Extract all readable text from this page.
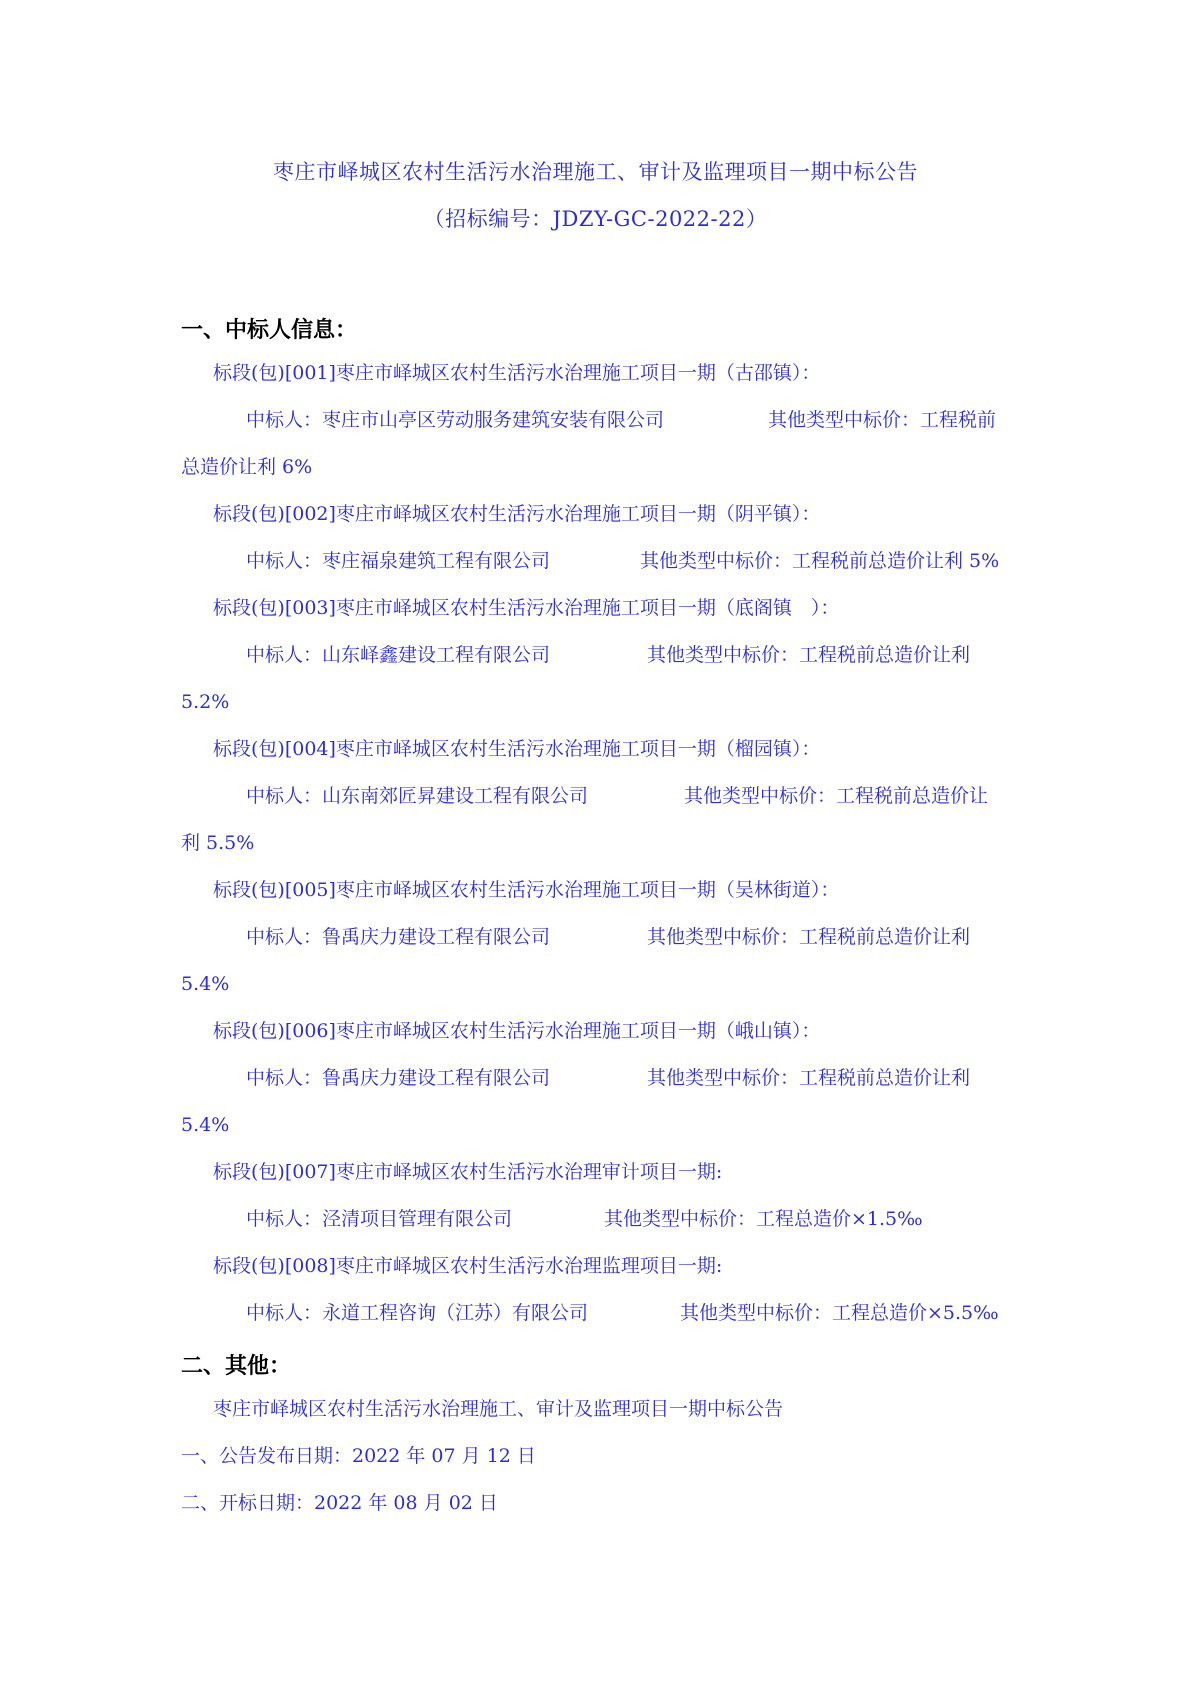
枣庄市峄城区农村生活污水治理施工、审计及监理项目一期中标公告
（招标编号：JDZY-GC-2022-22）
一、中标人信息：
标段(包)[001]枣庄市峄城区农村生活污水治理施工项目一期（古邵镇）：
中标人：枣庄市山亭区劳动服务建筑安装有限公司	其他类型中标价：工程税前
总造价让利 6%
标段(包)[002]枣庄市峄城区农村生活污水治理施工项目一期（阴平镇）：
中标人：枣庄福泉建筑工程有限公司	其他类型中标价：工程税前总造价让利 5%
标段(包)[003]枣庄市峄城区农村生活污水治理施工项目一期（底阁镇　）：
中标人：山东峄鑫建设工程有限公司	其他类型中标价：工程税前总造价让利
5.2%
标段(包)[004]枣庄市峄城区农村生活污水治理施工项目一期（榴园镇）：
中标人：山东南郊匠昇建设工程有限公司	其他类型中标价：工程税前总造价让
利 5.5%
标段(包)[005]枣庄市峄城区农村生活污水治理施工项目一期（吴林街道）：
中标人：鲁禹庆力建设工程有限公司	其他类型中标价：工程税前总造价让利
5.4%
标段(包)[006]枣庄市峄城区农村生活污水治理施工项目一期（峨山镇）：
中标人：鲁禹庆力建设工程有限公司	其他类型中标价：工程税前总造价让利
5.4%
标段(包)[007]枣庄市峄城区农村生活污水治理审计项目一期:
中标人：泾清项目管理有限公司	其他类型中标价：工程总造价×1.5‰
标段(包)[008]枣庄市峄城区农村生活污水治理监理项目一期:
中标人：永道工程咨询（江苏）有限公司	其他类型中标价：工程总造价×5.5‰
二、其他：
枣庄市峄城区农村生活污水治理施工、审计及监理项目一期中标公告
一、公告发布日期：2022 年 07 月 12 日
二、开标日期：2022 年 08 月 02 日
